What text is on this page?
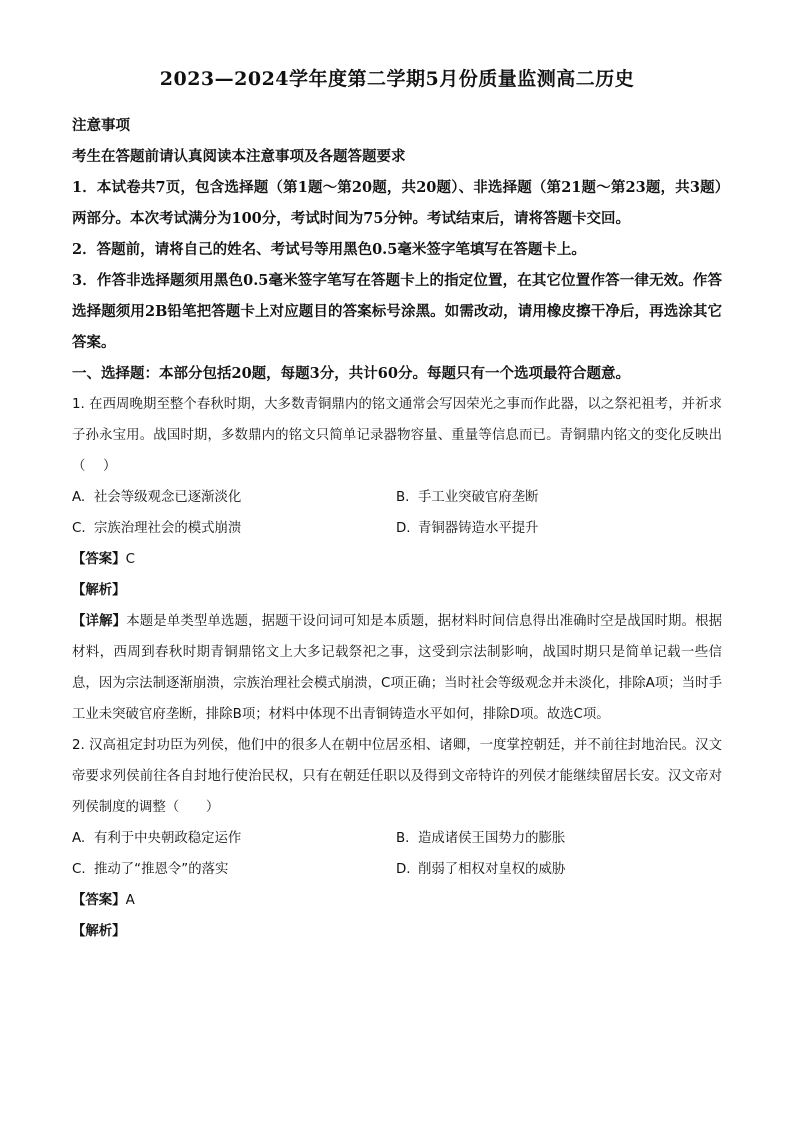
2023—2024学年度第二学期5月份质量监测高二历史
注意事项
考生在答题前请认真阅读本注意事项及各题答题要求
1．本试卷共7页，包含选择题（第1题～第20题，共20题）、非选择题（第21题～第23题，共3题）两部分。本次考试满分为100分，考试时间为75分钟。考试结束后，请将答题卡交回。
2．答题前，请将自己的姓名、考试号等用黑色0.5毫米签字笔填写在答题卡上。
3．作答非选择题须用黑色0.5毫米签字笔写在答题卡上的指定位置，在其它位置作答一律无效。作答选择题须用2B铅笔把答题卡上对应题目的答案标号涂黑。如需改动，请用橡皮擦干净后，再选涂其它答案。
一、选择题：本部分包括20题，每题3分，共计60分。每题只有一个选项最符合题意。
1. 在西周晚期至整个春秋时期，大多数青铜鼎内的铭文通常会写因荣光之事而作此器，以之祭祀祖考，并祈求子孙永宝用。战国时期，多数鼎内的铭文只简单记录器物容量、重量等信息而已。青铜鼎内铭文的变化反映出（　 ）
A. 社会等级观念已逐渐淡化	B. 手工业突破官府垄断
C. 宗族治理社会的模式崩溃	D. 青铜器铸造水平提升
【答案】C
【解析】
【详解】本题是单类型单选题，据题干设问词可知是本质题，据材料时间信息得出准确时空是战国时期。根据材料，西周到春秋时期青铜鼎铭文上大多记载祭祀之事，这受到宗法制影响，战国时期只是简单记载一些信息，因为宗法制逐渐崩溃，宗族治理社会模式崩溃，C项正确；当时社会等级观念并未淡化，排除A项；当时手工业未突破官府垄断，排除B项；材料中体现不出青铜铸造水平如何，排除D项。故选C项。
2. 汉高祖定封功臣为列侯，他们中的很多人在朝中位居丞相、诸卿，一度掌控朝廷，并不前往封地治民。汉文帝要求列侯前往各自封地行使治民权，只有在朝廷任职以及得到文帝特许的列侯才能继续留居长安。汉文帝对列侯制度的调整（　　）
A. 有利于中央朝政稳定运作	B. 造成诸侯王国势力的膨胀
C. 推动了“推恩令”的落实	D. 削弱了相权对皇权的威胁
【答案】A
【解析】
